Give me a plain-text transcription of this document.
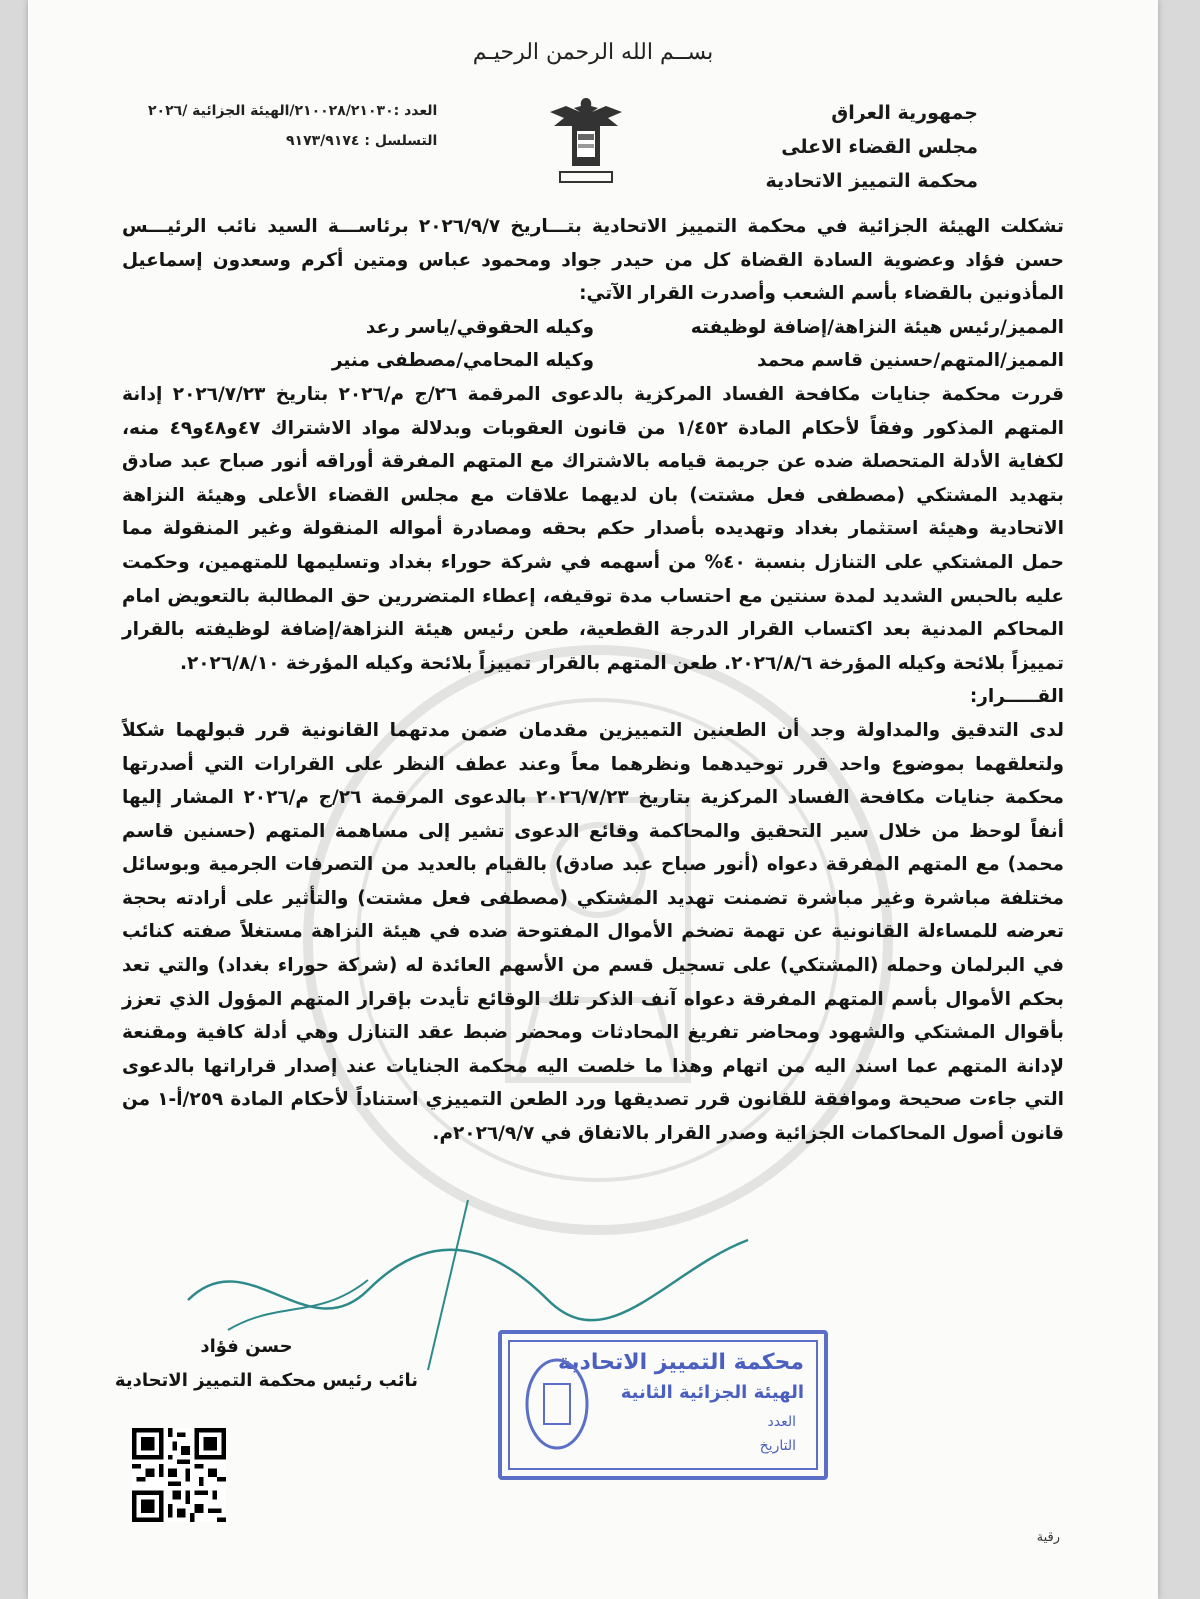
بســم الله الرحمن الرحيـم
جمهورية العراق
مجلس القضاء الاعلى
محكمة التمييز الاتحادية
العدد :٢١٠٠٢٨/٢١٠٣٠/الهيئة الجزائية /٢٠٢٦
التسلسل : ٩١٧٣/٩١٧٤

تشكلت الهيئة الجزائية في محكمة التمييز الاتحادية بتـــاريخ ٢٠٢٦/٩/٧ برئاســـة السيد نائب الرئيـــس حسن فؤاد وعضوية السادة القضاة كل من حيدر جواد ومحمود عباس ومتين أكرم وسعدون إسماعيل المأذونين بالقضاء بأسم الشعب وأصدرت القرار الآتي:

المميز/رئيس هيئة النزاهة/إضافة لوظيفته
وكيله الحقوقي/ياسر رعد
المميز/المتهم/حسنين قاسم محمد
وكيله المحامي/مصطفى منير

قررت محكمة جنايات مكافحة الفساد المركزية بالدعوى المرقمة ٢٦/ج م/٢٠٢٦ بتاريخ ٢٠٢٦/٧/٢٣ إدانة المتهم المذكور وفقاً لأحكام المادة ١/٤٥٢ من قانون العقوبات وبدلالة مواد الاشتراك ٤٧و٤٨و٤٩ منه، لكفاية الأدلة المتحصلة ضده عن جريمة قيامه بالاشتراك مع المتهم المفرقة أوراقه أنور صباح عبد صادق بتهديد المشتكي (مصطفى فعل مشتت) بان لديهما علاقات مع مجلس القضاء الأعلى وهيئة النزاهة الاتحادية وهيئة استثمار بغداد وتهديده بأصدار حكم بحقه ومصادرة أمواله المنقولة وغير المنقولة مما حمل المشتكي على التنازل بنسبة ٤٠% من أسهمه في شركة حوراء بغداد وتسليمها للمتهمين، وحكمت عليه بالحبس الشديد لمدة سنتين مع احتساب مدة توقيفه، إعطاء المتضررين حق المطالبة بالتعويض امام المحاكم المدنية بعد اكتساب القرار الدرجة القطعية، طعن رئيس هيئة النزاهة/إضافة لوظيفته بالقرار تمييزاً بلائحة وكيله المؤرخة ٢٠٢٦/٨/٦. طعن المتهم بالقرار تمييزاً بلائحة وكيله المؤرخة ٢٠٢٦/٨/١٠.

القـــــرار:

لدى التدقيق والمداولة وجد أن الطعنين التمييزين مقدمان ضمن مدتهما القانونية قرر قبولهما شكلاً ولتعلقهما بموضوع واحد قرر توحيدهما ونظرهما معاً وعند عطف النظر على القرارات التي أصدرتها محكمة جنايات مكافحة الفساد المركزية بتاريخ ٢٠٢٦/٧/٢٣ بالدعوى المرقمة ٢٦/ج م/٢٠٢٦ المشار إليها أنفاً لوحظ من خلال سير التحقيق والمحاكمة وقائع الدعوى تشير إلى مساهمة المتهم (حسنين قاسم محمد) مع المتهم المفرقة دعواه (أنور صباح عبد صادق) بالقيام بالعديد من التصرفات الجرمية وبوسائل مختلفة مباشرة وغير مباشرة تضمنت تهديد المشتكي (مصطفى فعل مشتت) والتأثير على أرادته بحجة تعرضه للمساءلة القانونية عن تهمة تضخم الأموال المفتوحة ضده في هيئة النزاهة مستغلاً صفته كنائب في البرلمان وحمله (المشتكي) على تسجيل قسم من الأسهم العائدة له (شركة حوراء بغداد) والتي تعد بحكم الأموال بأسم المتهم المفرقة دعواه آنف الذكر تلك الوقائع تأيدت بإقرار المتهم المؤول الذي تعزز بأقوال المشتكي والشهود ومحاضر تفريغ المحادثات ومحضر ضبط عقد التنازل وهي أدلة كافية ومقنعة لإدانة المتهم عما اسند اليه من اتهام وهذا ما خلصت اليه محكمة الجنايات عند إصدار قراراتها بالدعوى التي جاءت صحيحة وموافقة للقانون قرر تصديقها ورد الطعن التمييزي استناداً لأحكام المادة ٢٥٩/أ-١ من قانون أصول المحاكمات الجزائية وصدر القرار بالاتفاق في ٢٠٢٦/٩/٧م.

حسن فؤاد
نائب رئيس محكمة التمييز الاتحادية
محكمة التمييز الاتحادية
الهيئة الجزائية الثانية
العدد
التاريخ
رقية
